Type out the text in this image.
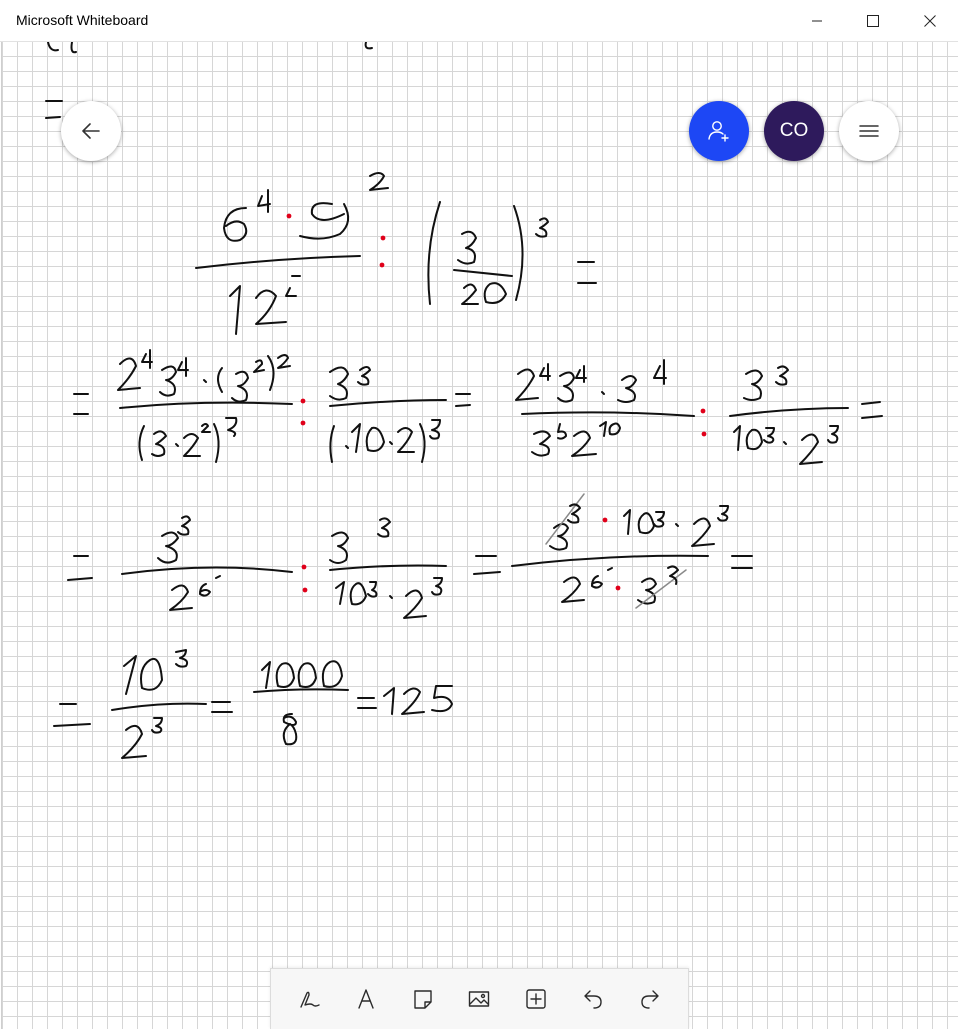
Microsoft Whiteboard
CO
